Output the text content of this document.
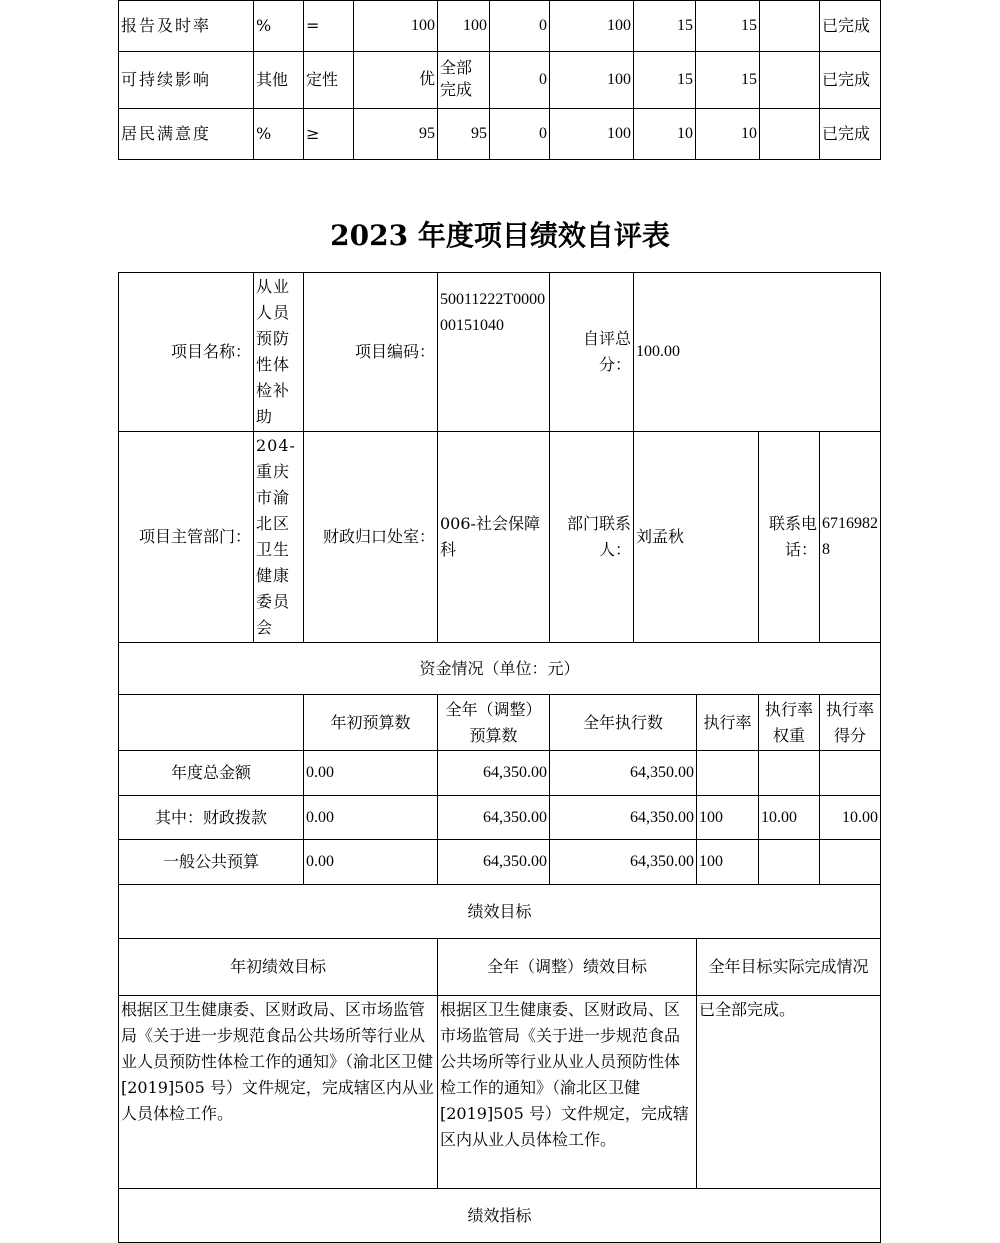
报告及时率	%	=	100	100	0	100	15	15		已完成
可持续影响	其他	定性	优	全部完成	0	100	15	15		已完成
居民满意度	%	≥	95	95	0	100	10	10		已完成
2023 年度项目绩效自评表
项目名称：	从业人员预防性体检补助	项目编码：	50011222T000000151040	自评总分：	100.00			
项目主管部门：	204-重庆市渝北区卫生健康委员会	财政归口处室：	006-社会保障科	部门联系人：	刘孟秋		联系电话：	67169828
资金情况（单位：元）								
		年初预算数	全年（调整）预算数	全年执行数		执行率	执行率权重	执行率得分
年度总金额		0.00	64,350.00	64,350.00				
其中：财政拨款		0.00	64,350.00	64,350.00		100	10.00	10.00
一般公共预算		0.00	64,350.00	64,350.00		100		
绩效目标								
年初绩效目标			全年（调整）绩效目标			全年目标实际完成情况		
根据区卫生健康委、区财政局、区市场监管局《关于进一步规范食品公共场所等行业从业人员预防性体检工作的通知》（渝北区卫健[2019]505 号）文件规定，完成辖区内从业人员体检工作。			根据区卫生健康委、区财政局、区市场监管局《关于进一步规范食品公共场所等行业从业人员预防性体检工作的通知》（渝北区卫健[2019]505 号）文件规定，完成辖区内从业人员体检工作。			已全部完成。		
绩效指标								
